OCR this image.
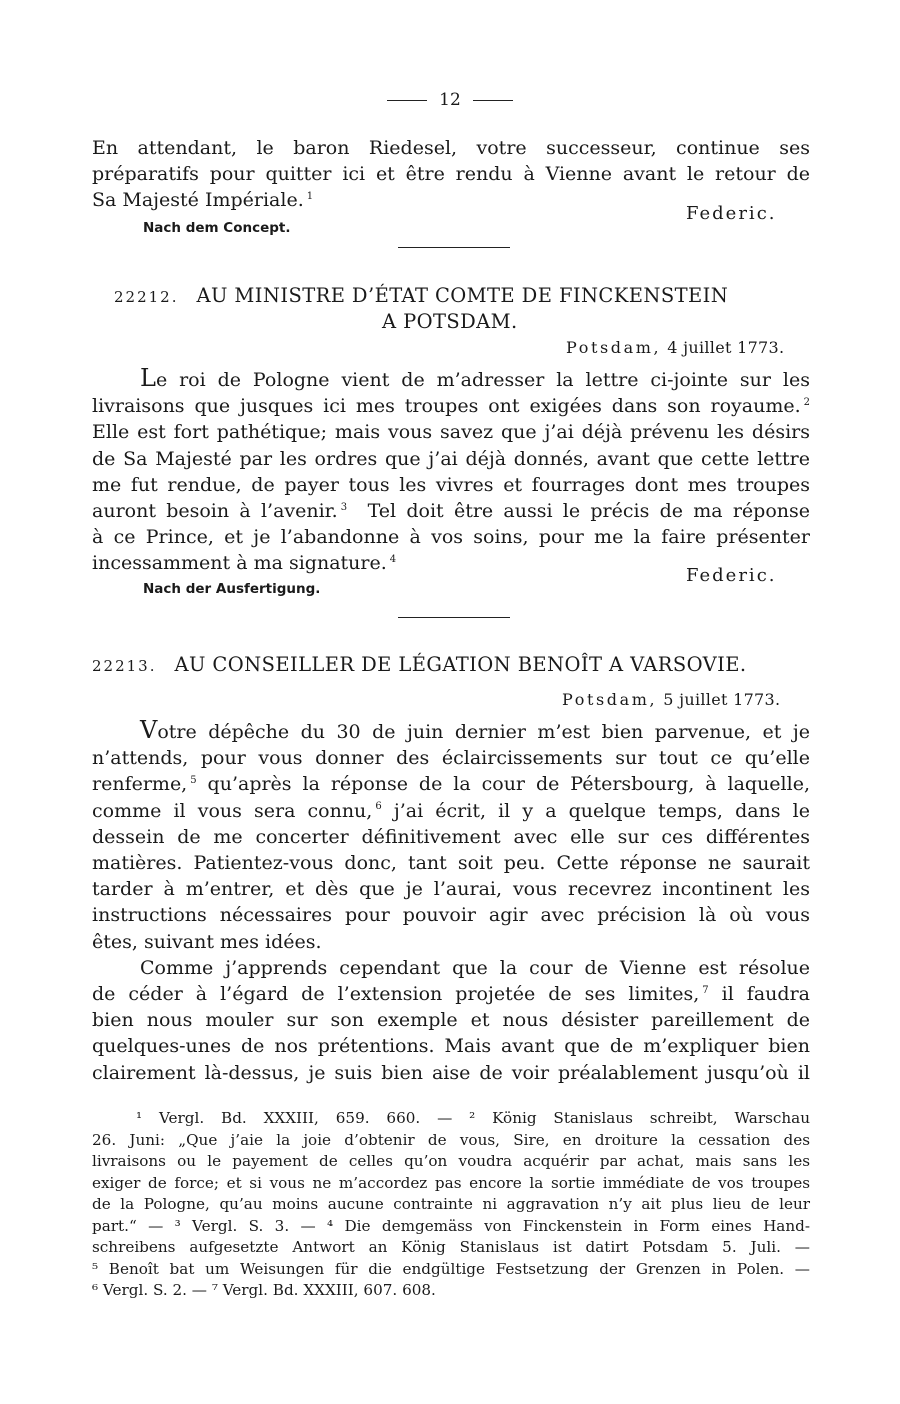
12

En attendant, le baron Riedesel, votre successeur, continue ses

préparatifs pour quitter ici et être rendu à Vienne avant le retour de

Sa Majesté Impériale. $^1$

Federic.
Nach dem Concept.
22212. AU MINISTRE D’ÉTAT COMTE DE FINCKENSTEIN
A POTSDAM.
Potsdam, 4 juillet 1773.

Le roi de Pologne vient de m’adresser la lettre ci-jointe sur les

livraisons que jusques ici mes troupes ont exigées dans son royaume. $^2$

Elle est fort pathétique; mais vous savez que j’ai déjà prévenu les désirs

de Sa Majesté par les ordres que j’ai déjà donnés, avant que cette lettre

me fut rendue, de payer tous les vivres et fourrages dont mes troupes

auront besoin à l’avenir. $^3$ Tel doit être aussi le précis de ma réponse

à ce Prince, et je l’abandonne à vos soins, pour me la faire présenter

incessamment à ma signature. $^4$

Federic.
Nach der Ausfertigung.
22213. AU CONSEILLER DE LÉGATION BENOÎT A VARSOVIE.
Potsdam, 5 juillet 1773.

Votre dépêche du 30 de juin dernier m’est bien parvenue, et je

n’attends, pour vous donner des éclaircissements sur tout ce qu’elle

renferme, $^5$ qu’après la réponse de la cour de Pétersbourg, à laquelle,

comme il vous sera connu, $^6$ j’ai écrit, il y a quelque temps, dans le

dessein de me concerter définitivement avec elle sur ces différentes

matières. Patientez-vous donc, tant soit peu. Cette réponse ne saurait

tarder à m’entrer, et dès que je l’aurai, vous recevrez incontinent les

instructions nécessaires pour pouvoir agir avec précision là où vous

êtes, suivant mes idées.

Comme j’apprends cependant que la cour de Vienne est résolue

de céder à l’égard de l’extension projetée de ses limites, $^7$ il faudra

bien nous mouler sur son exemple et nous désister pareillement de

quelques-unes de nos prétentions. Mais avant que de m’expliquer bien

clairement là-dessus, je suis bien aise de voir préalablement jusqu’où il

¹ Vergl. Bd. XXXIII, 659. 660. — ² König Stanislaus schreibt, Warschau

26. Juni: „Que j’aie la joie d’obtenir de vous, Sire, en droiture la cessation des

livraisons ou le payement de celles qu’on voudra acquérir par achat, mais sans les

exiger de force; et si vous ne m’accordez pas encore la sortie immédiate de vos troupes

de la Pologne, qu’au moins aucune contrainte ni aggravation n’y ait plus lieu de leur

part.“ — ³ Vergl. S. 3. — ⁴ Die demgemäss von Finckenstein in Form eines Hand-

schreibens aufgesetzte Antwort an König Stanislaus ist datirt Potsdam 5. Juli. —

⁵ Benoît bat um Weisungen für die endgültige Festsetzung der Grenzen in Polen. —

⁶ Vergl. S. 2. — ⁷ Vergl. Bd. XXXIII, 607. 608.
